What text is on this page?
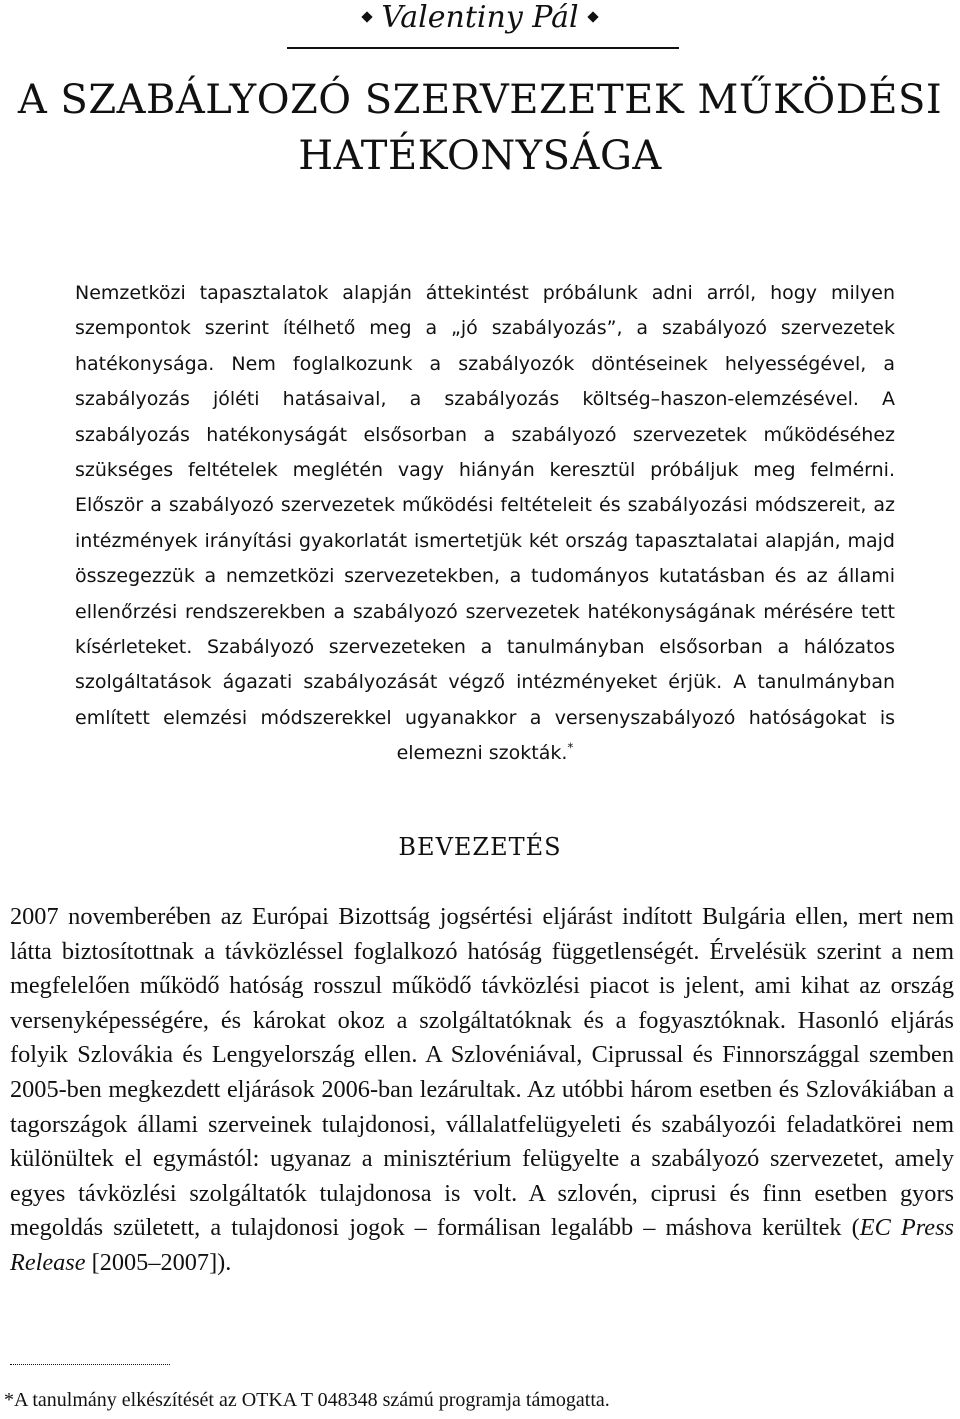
Valentiny Pál
A SZABÁLYOZÓ SZERVEZETEK MŰKÖDÉSI
HATÉKONYSÁGA
Nemzetközi tapasztalatok alapján áttekintést próbálunk adni arról, hogy milyen szempontok szerint ítélhető meg a „jó szabályozás”, a szabályozó szervezetek hatékonysága. Nem foglalkozunk a szabályozók döntéseinek helyességével, a szabályozás jóléti hatásaival, a szabályozás költség–haszon-elemzésével. A szabályozás hatékonyságát elsősorban a szabályozó szervezetek működéséhez szükséges feltételek meglétén vagy hiányán keresztül próbáljuk meg felmérni. Először a szabályozó szervezetek működési feltételeit és szabályozási módszereit, az intézmények irányítási gyakorlatát ismertetjük két ország tapasztalatai alapján, majd összegezzük a nemzetközi szervezetekben, a tudományos kutatásban és az állami ellenőrzési rendszerekben a szabályozó szervezetek hatékonyságának mérésére tett kísérleteket. Szabályozó szervezeteken a tanulmányban elsősorban a hálózatos szolgáltatások ágazati szabályozását végző intézményeket érjük. A tanulmányban említett elemzési módszerekkel ugyanakkor a versenyszabályozó hatóságokat is elemezni szokták.*
BEVEZETÉS
2007 novemberében az Európai Bizottság jogsértési eljárást indított Bulgária ellen, mert nem látta biztosítottnak a távközléssel foglalkozó hatóság függetlenségét. Érvelésük szerint a nem megfelelően működő hatóság rosszul működő távközlési piacot is jelent, ami kihat az ország versenyképességére, és károkat okoz a szolgáltatóknak és a fogyasztóknak. Hasonló eljárás folyik Szlovákia és Lengyelország ellen. A Szlovéniával, Ciprussal és Finnországgal szemben 2005-ben megkezdett eljárások 2006-ban lezárultak. Az utóbbi három esetben és Szlovákiában a tagországok állami szerveinek tulajdonosi, vállalatfelügyeleti és szabályozói feladatkörei nem különültek el egymástól: ugyanaz a minisztérium felügyelte a szabályozó szervezetet, amely egyes távközlési szolgáltatók tulajdonosa is volt. A szlovén, ciprusi és finn esetben gyors megoldás született, a tulajdonosi jogok – formálisan legalább – máshova kerültek (EC Press Release [2005–2007]).
*A tanulmány elkészítését az OTKA T 048348 számú programja támogatta.
